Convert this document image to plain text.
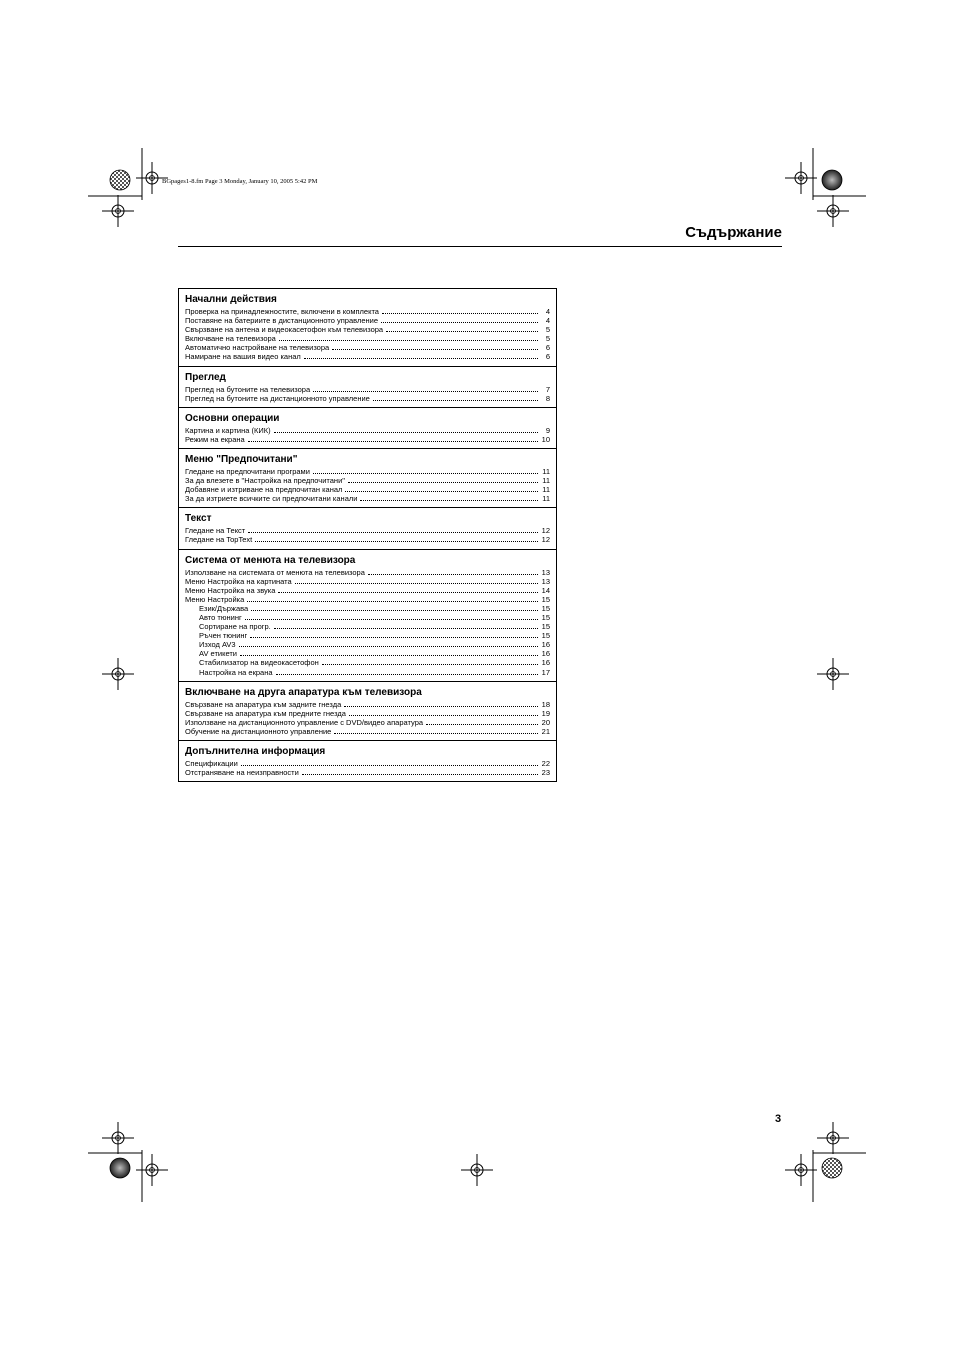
BGpages1-8.fm Page 3 Monday, January 10, 2005 5:42 PM
Съдържание
Начални действия
Проверка на принадлежностите, включени в комплекта	4
Поставяне на батериите в дистанционното управление	4
Свързване на антена и видеокасетофон към телевизора	5
Включване на телевизора	5
Автоматично настройване на телевизора	6
Намиране на вашия видео канал	6
Преглед
Преглед на бутоните на телевизора	7
Преглед на бутоните на дистанционното управление	8
Основни операции
Картина и картина (КИК)	9
Режим на екрана	10
Меню "Предпочитани"
Гледане на предпочитани програми	11
За да влезете в "Настройка на предпочитани"	11
Добавяне и изтриване на предпочитан канал	11
За да изтриете всичките си предпочитани канали	11
Текст
Гледане на Текст	12
Гледане на TopText	12
Система от менюта на телевизора
Използване на системата от менюта на телевизора	13
Меню Настройка на картината	13
Меню Настройка на звука	14
Меню Настройка	15
Език/Държава	15
Авто тюнинг	15
Сортиране на прогр.	15
Ръчен тюнинг	15
Изход AV3	16
AV етикети	16
Стабилизатор на видеокасетофон	16
Настройка на екрана	17
Включване на друга апаратура към телевизора
Свързване на апаратура към задните гнезда	18
Свързване на апаратура към предните гнезда	19
Използване на дистанционното управление с DVD/видео апаратура	20
Обучение на дистанционното управление	21
Допълнителна информация
Спецификации	22
Отстраняване на неизправности	23
3
